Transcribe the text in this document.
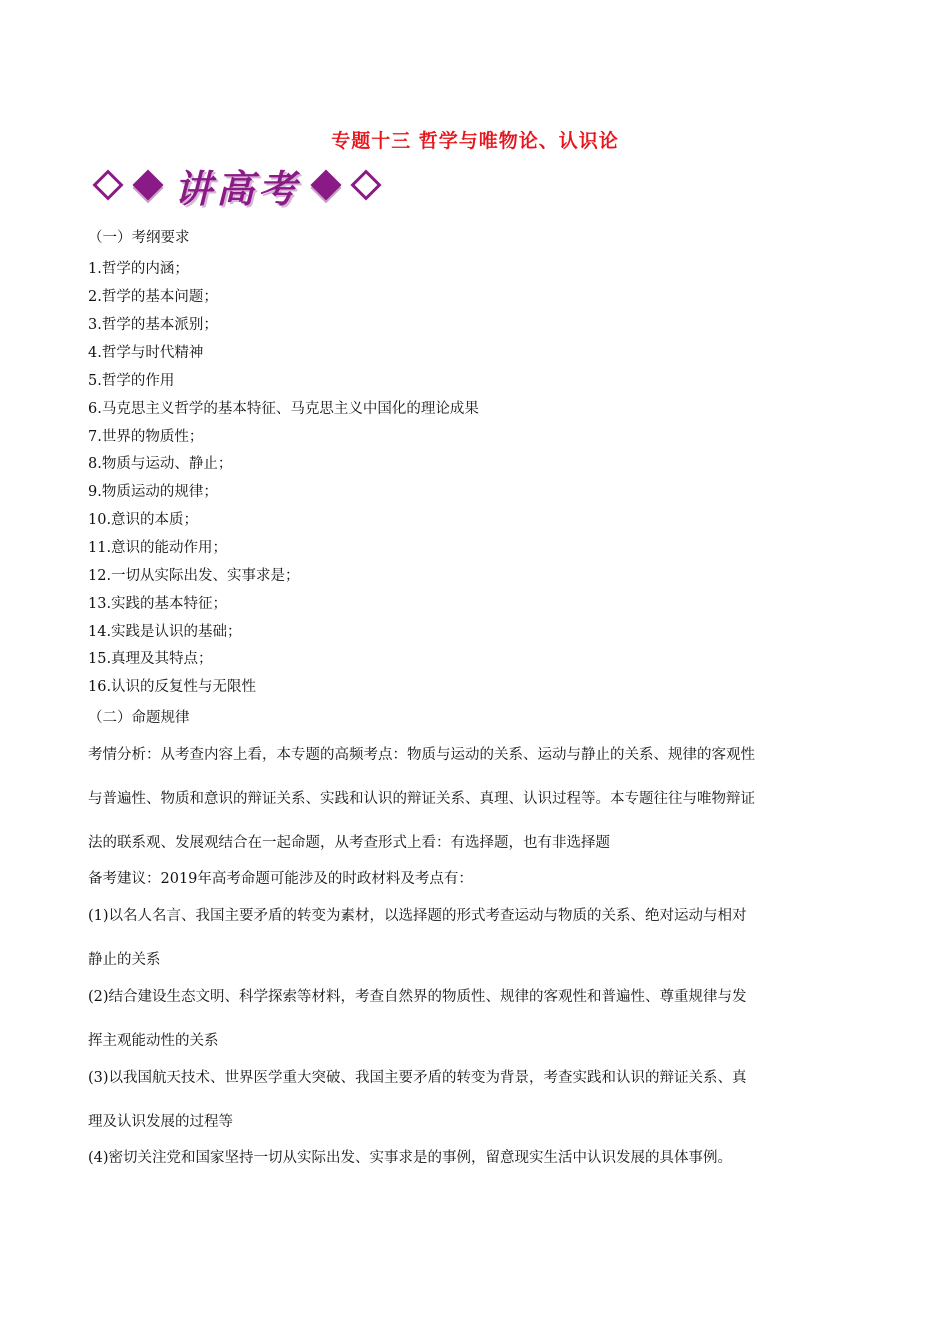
专题十三 哲学与唯物论、认识论
讲高考
（一）考纲要求
1.哲学的内涵；
2.哲学的基本问题；
3.哲学的基本派别；
4.哲学与时代精神
5.哲学的作用
6.马克思主义哲学的基本特征、马克思主义中国化的理论成果
7.世界的物质性；
8.物质与运动、静止；
9.物质运动的规律；
10.意识的本质；
11.意识的能动作用；
12.一切从实际出发、实事求是；
13.实践的基本特征；
14.实践是认识的基础；
15.真理及其特点；
16.认识的反复性与无限性
（二）命题规律
考情分析：从考查内容上看，本专题的高频考点：物质与运动的关系、运动与静止的关系、规律的客观性
与普遍性、物质和意识的辩证关系、实践和认识的辩证关系、真理、认识过程等。本专题往往与唯物辩证
法的联系观、发展观结合在一起命题，从考查形式上看：有选择题，也有非选择题
备考建议：2019年高考命题可能涉及的时政材料及考点有：
(1)以名人名言、我国主要矛盾的转变为素材，以选择题的形式考查运动与物质的关系、绝对运动与相对
静止的关系
(2)结合建设生态文明、科学探索等材料，考查自然界的物质性、规律的客观性和普遍性、尊重规律与发
挥主观能动性的关系
(3)以我国航天技术、世界医学重大突破、我国主要矛盾的转变为背景，考查实践和认识的辩证关系、真
理及认识发展的过程等
(4)密切关注党和国家坚持一切从实际出发、实事求是的事例，留意现实生活中认识发展的具体事例。
